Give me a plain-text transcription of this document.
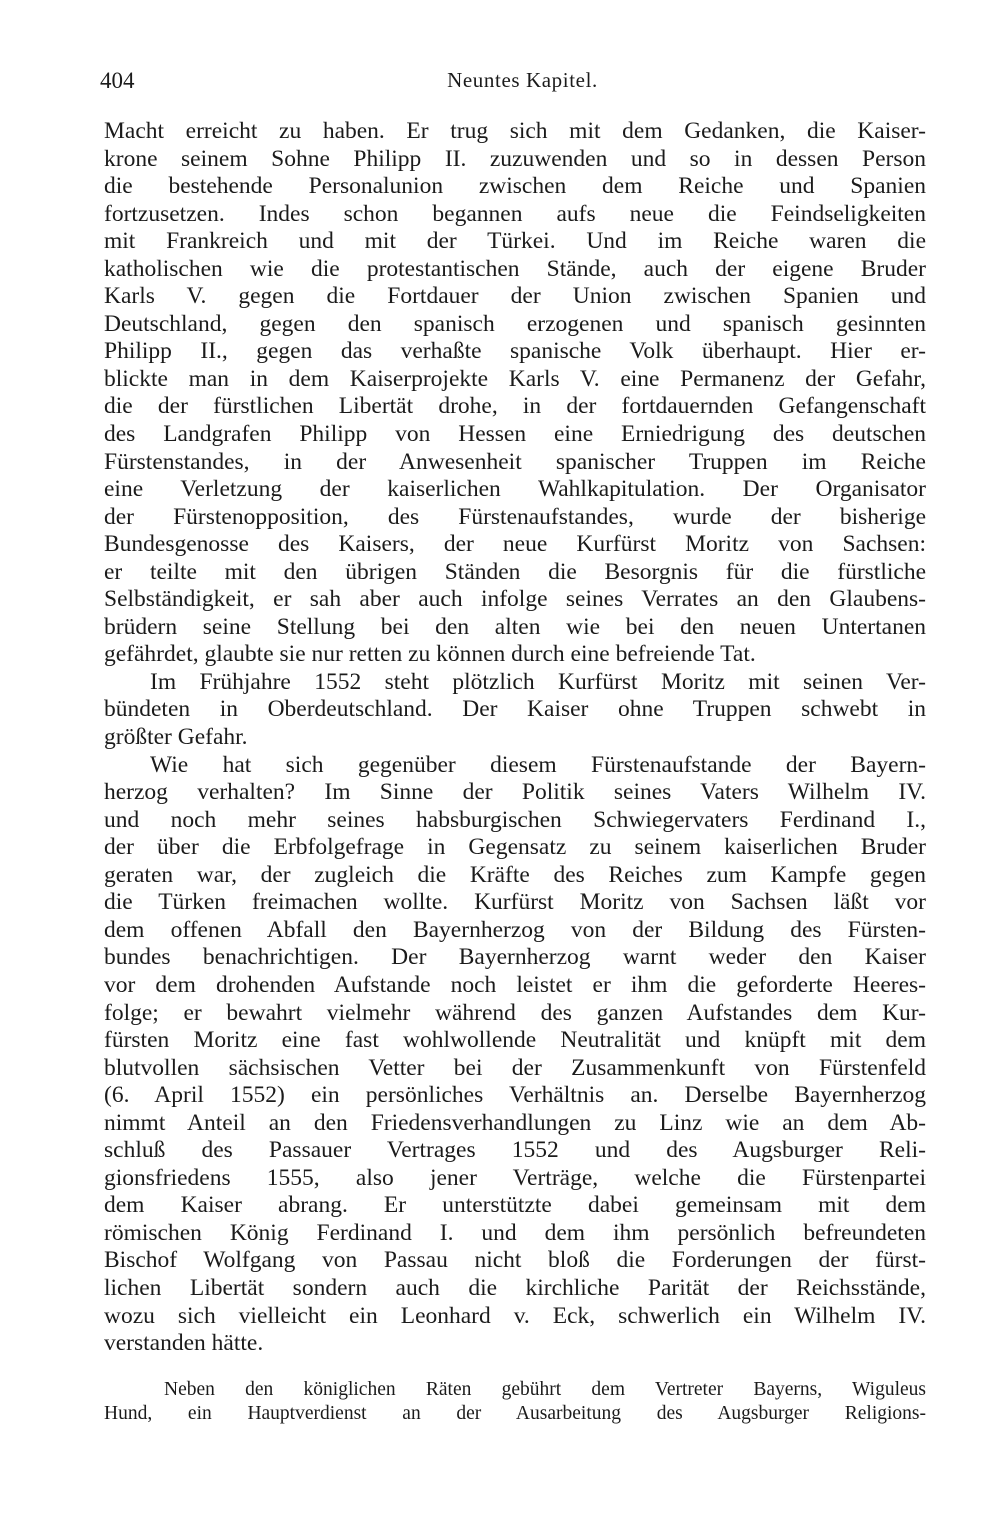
404	Neuntes Kapitel.
Macht erreicht zu haben. Er trug sich mit dem Gedanken, die Kaiser-
krone seinem Sohne Philipp II. zuzuwenden und so in dessen Person
die bestehende Personalunion zwischen dem Reiche und Spanien
fortzusetzen. Indes schon begannen aufs neue die Feindseligkeiten
mit Frankreich und mit der Türkei. Und im Reiche waren die
katholischen wie die protestantischen Stände, auch der eigene Bruder
Karls V. gegen die Fortdauer der Union zwischen Spanien und
Deutschland, gegen den spanisch erzogenen und spanisch gesinnten
Philipp II., gegen das verhaßte spanische Volk überhaupt. Hier er-
blickte man in dem Kaiserprojekte Karls V. eine Permanenz der Gefahr,
die der fürstlichen Libertät drohe, in der fortdauernden Gefangenschaft
des Landgrafen Philipp von Hessen eine Erniedrigung des deutschen
Fürstenstandes, in der Anwesenheit spanischer Truppen im Reiche
eine Verletzung der kaiserlichen Wahlkapitulation. Der Organisator
der Fürstenopposition, des Fürstenaufstandes, wurde der bisherige
Bundesgenosse des Kaisers, der neue Kurfürst Moritz von Sachsen:
er teilte mit den übrigen Ständen die Besorgnis für die fürstliche
Selbständigkeit, er sah aber auch infolge seines Verrates an den Glaubens-
brüdern seine Stellung bei den alten wie bei den neuen Untertanen
gefährdet, glaubte sie nur retten zu können durch eine befreiende Tat.
Im Frühjahre 1552 steht plötzlich Kurfürst Moritz mit seinen Ver-
bündeten in Oberdeutschland. Der Kaiser ohne Truppen schwebt in
größter Gefahr.
Wie hat sich gegenüber diesem Fürstenaufstande der Bayern-
herzog verhalten? Im Sinne der Politik seines Vaters Wilhelm IV.
und noch mehr seines habsburgischen Schwiegervaters Ferdinand I.,
der über die Erbfolgefrage in Gegensatz zu seinem kaiserlichen Bruder
geraten war, der zugleich die Kräfte des Reiches zum Kampfe gegen
die Türken freimachen wollte. Kurfürst Moritz von Sachsen läßt vor
dem offenen Abfall den Bayernherzog von der Bildung des Fürsten-
bundes benachrichtigen. Der Bayernherzog warnt weder den Kaiser
vor dem drohenden Aufstande noch leistet er ihm die geforderte Heeres-
folge; er bewahrt vielmehr während des ganzen Aufstandes dem Kur-
fürsten Moritz eine fast wohlwollende Neutralität und knüpft mit dem
blutvollen sächsischen Vetter bei der Zusammenkunft von Fürstenfeld
(6. April 1552) ein persönliches Verhältnis an. Derselbe Bayernherzog
nimmt Anteil an den Friedensverhandlungen zu Linz wie an dem Ab-
schluß des Passauer Vertrages 1552 und des Augsburger Reli-
gionsfriedens 1555, also jener Verträge, welche die Fürstenpartei
dem Kaiser abrang. Er unterstützte dabei gemeinsam mit dem
römischen König Ferdinand I. und dem ihm persönlich befreundeten
Bischof Wolfgang von Passau nicht bloß die Forderungen der fürst-
lichen Libertät sondern auch die kirchliche Parität der Reichsstände,
wozu sich vielleicht ein Leonhard v. Eck, schwerlich ein Wilhelm IV.
verstanden hätte.
Neben den königlichen Räten gebührt dem Vertreter Bayerns, Wiguleus
Hund, ein Hauptverdienst an der Ausarbeitung des Augsburger Religions-
